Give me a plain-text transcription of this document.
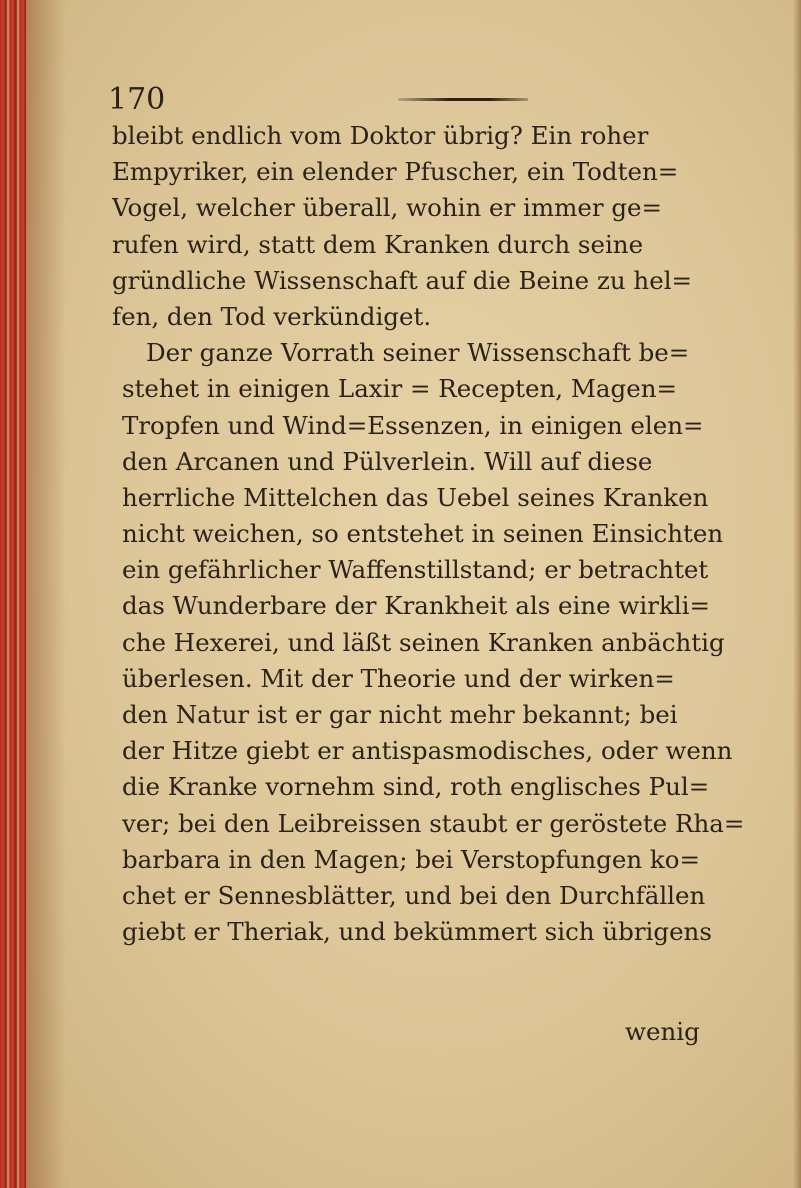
170
bleibt endlich vom Doktor übrig? Ein roher
Empyriker, ein elender Pfuscher, ein Todten=
Vogel, welcher überall, wohin er immer ge=
rufen wird, statt dem Kranken durch seine
gründliche Wissenschaft auf die Beine zu hel=
fen, den Tod verkündiget.
Der ganze Vorrath seiner Wissenschaft be=
stehet in einigen Laxir = Recepten, Magen=
Tropfen und Wind=Essenzen, in einigen elen=
den Arcanen und Pülverlein. Will auf diese
herrliche Mittelchen das Uebel seines Kranken
nicht weichen, so entstehet in seinen Einsichten
ein gefährlicher Waffenstillstand; er betrachtet
das Wunderbare der Krankheit als eine wirkli=
che Hexerei, und läßt seinen Kranken anbächtig
überlesen. Mit der Theorie und der wirken=
den Natur ist er gar nicht mehr bekannt; bei
der Hitze giebt er antispasmodisches, oder wenn
die Kranke vornehm sind, roth englisches Pul=
ver; bei den Leibreissen staubt er geröstete Rha=
barbara in den Magen; bei Verstopfungen ko=
chet er Sennesblätter, und bei den Durchfällen
giebt er Theriak, und bekümmert sich übrigens
wenig
